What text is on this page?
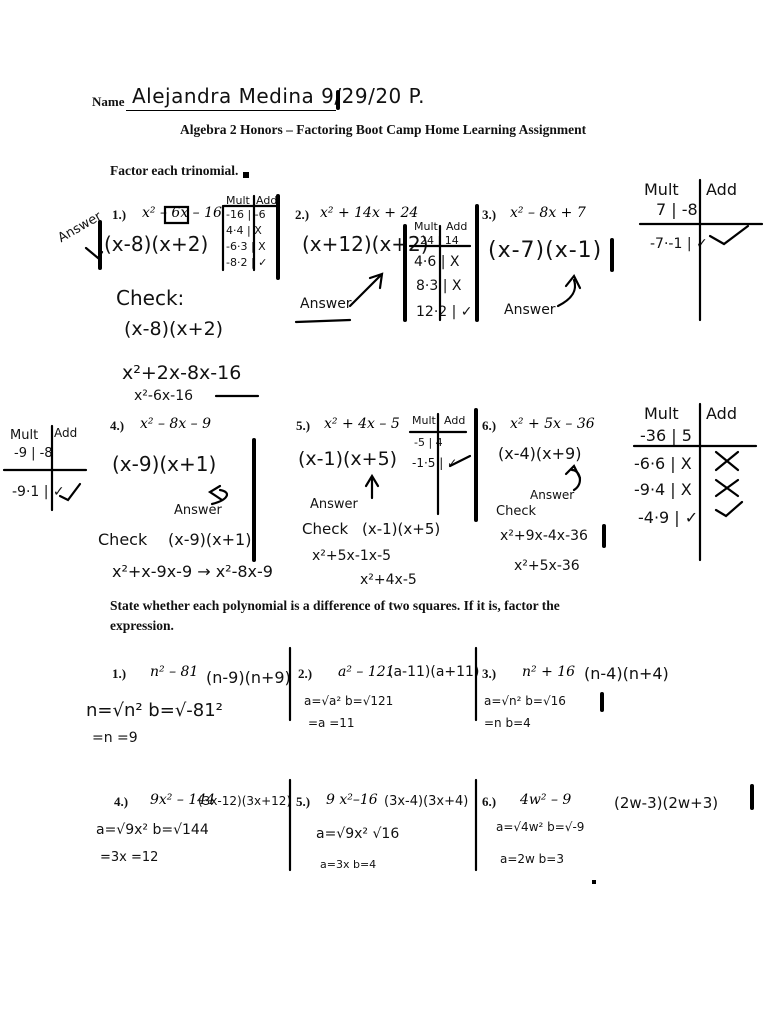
Name Alejandra Medina 9/29/20 P.
Algebra 2 Honors – Factoring Boot Camp Home Learning Assignment
Factor each trinomial.
1.) x² – 6x – 16
(x-8)(x+2)
Answer
Mult Add
-16 | -6
4·4 | X
-6·3 | X
-8·2 | ✓
Check:
(x-8)(x+2)
x²+2x-8x-16
x²-6x-16
2.) x² + 14x + 24
(x+12)(x+2)
Answer
Mult Add
24 | 14
4·6 | X
8·3 | X
12·2 | ✓
3.) x² – 8x + 7
(x-7)(x-1)
Answer
Mult Add
7 | -8
-7·-1 | ✓
4.) x² – 8x – 9
(x-9)(x+1)
Answer
Mult Add
-9 | -8
-9·1 | ✓
Check (x-9)(x+1)
x²+x-9x-9 → x²-8x-9
5.) x² + 4x – 5
(x-1)(x+5)
Answer
Mult Add
-5 | 4
-1·5 | ✓
Check (x-1)(x+5)
x²+5x-1x-5
x²+4x-5
6.) x² + 5x – 36
(x-4)(x+9)
Answer
Mult Add
-36 | 5
-6·6 | X
-9·4 | X
-4·9 | ✓
Check
x²+9x-4x-36
x²+5x-36
State whether each polynomial is a difference of two squares. If it is, factor the
expression.
1.) n² – 81 (n-9)(n+9)
n=√n² b=√-81²
=n =9
2.) a² – 121
(a-11)(a+11)
a=√a² b=√121
=a =11
3.) n² + 16 (n-4)(n+4)
a=√n² b=√16
=n b=4
4.) 9x² – 144
(3x-12)(3x+12)
a=√9x² b=√144
=3x =12
5.) 9 x²–16 (3x-4)(3x+4)
a=√9x² √16
a=3x b=4
6.) 4w² – 9	(2w-3)(2w+3)
a=√4w² b=√-9
a=2w b=3
